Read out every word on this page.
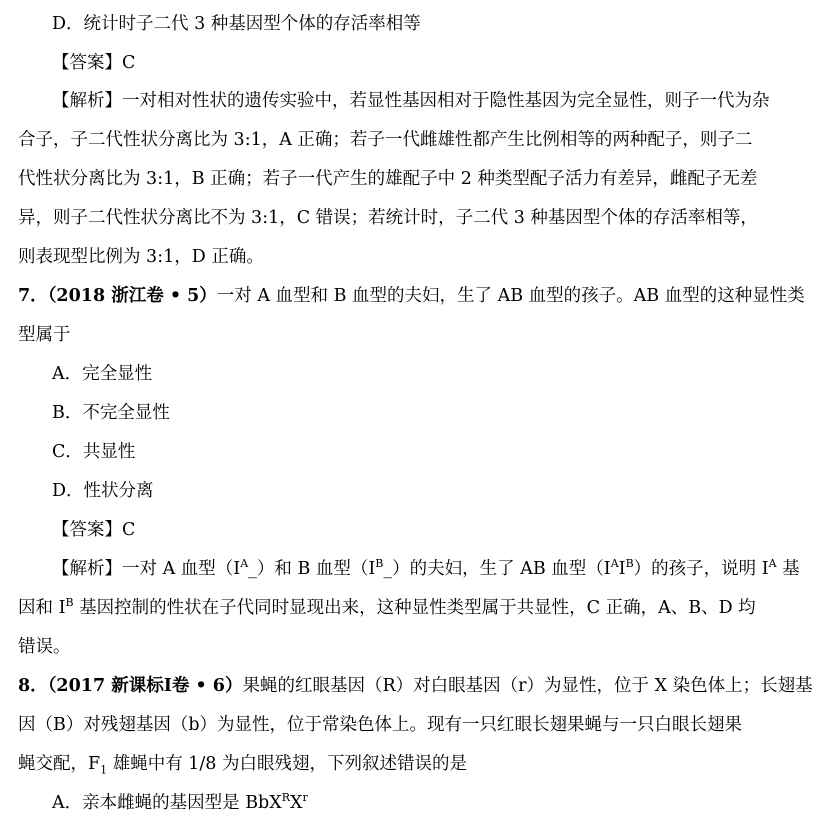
D．统计时子二代 3 种基因型个体的存活率相等
【答案】C
【解析】一对相对性状的遗传实验中，若显性基因相对于隐性基因为完全显性，则子一代为杂
合子，子二代性状分离比为 3:1，A 正确；若子一代雌雄性都产生比例相等的两种配子，则子二
代性状分离比为 3:1，B 正确；若子一代产生的雄配子中 2 种类型配子活力有差异，雌配子无差
异，则子二代性状分离比不为 3:1，C 错误；若统计时，子二代 3 种基因型个体的存活率相等，
则表现型比例为 3:1，D 正确。
7．（2018 浙江卷 • 5）一对 A 血型和 B 血型的夫妇，生了 AB 血型的孩子。AB 血型的这种显性类
型属于
A．完全显性
B．不完全显性
C．共显性
D．性状分离
【答案】C
【解析】一对 A 血型$(I^A\_)$和 B 血型$(I^B\_)$的夫妇，生了 AB 血型$(I^AI^B)$的孩子，说明 $I^A$ 基
因和 $I^B$ 基因控制的性状在子代同时显现出来，这种显性类型属于共显性，C 正确，A、B、D 均
错误。
8．（2017 新课标Ⅰ卷 • 6）果蝇的红眼基因（R）对白眼基因（r）为显性，位于 X 染色体上；长翅基
因（B）对残翅基因（b）为显性，位于常染色体上。现有一只红眼长翅果蝇与一只白眼长翅果
蝇交配，$F_1$ 雄蝇中有 1/8 为白眼残翅，下列叙述错误的是
A．亲本雌蝇的基因型是 $BbX^RX^r$
